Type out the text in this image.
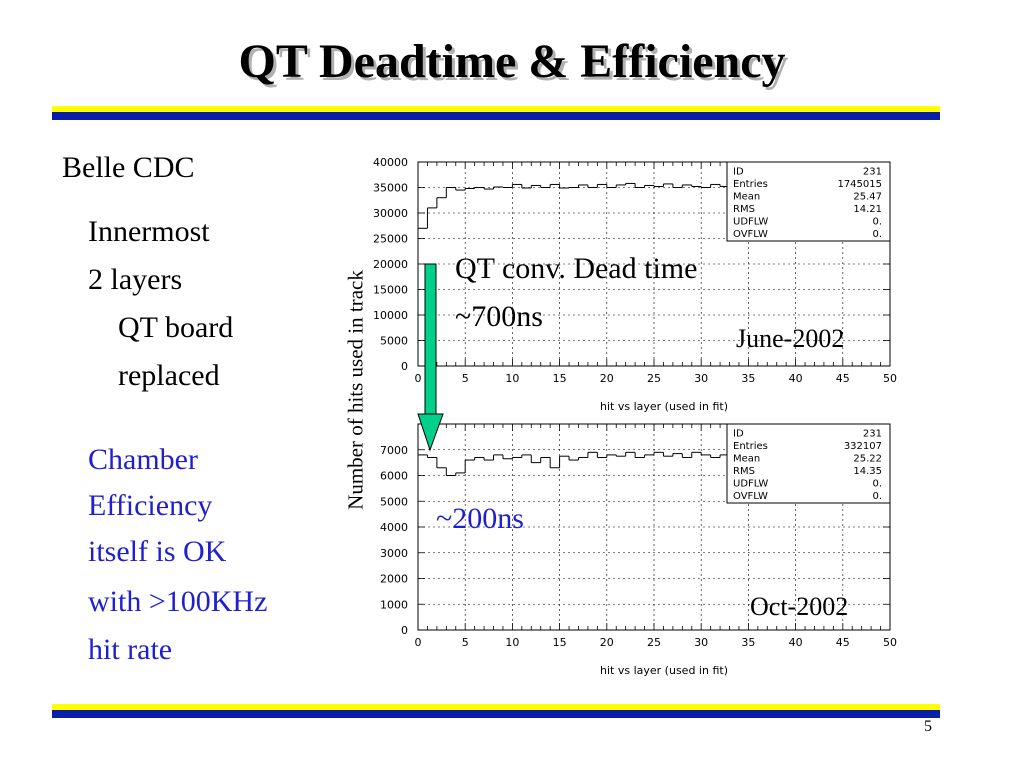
QT Deadtime & Efficiency
Belle CDC
Innermost
2 layers
QT board
replaced
Chamber
Efficiency
itself is OK
with >100KHz
hit rate
0	5	10	15	20	25	30	35	40	45	50
0
5000
10000
15000
20000
25000
30000
35000
40000
hit vs layer (used in fit)
ID	231
Entries	1745015
Mean	25.47
RMS	14.21
UDFLW	0.
OVFLW	0.
0	5	10	15	20	25	30	35	40	45	50
0
1000
2000
3000
4000
5000
6000
7000
hit vs layer (used in fit)
ID	231
Entries	332107
Mean	25.22
RMS	14.35
UDFLW	0.
OVFLW	0.
Number of hits used in track
QT conv. Dead time
~700ns
June-2002
~200ns
Oct-2002
5
